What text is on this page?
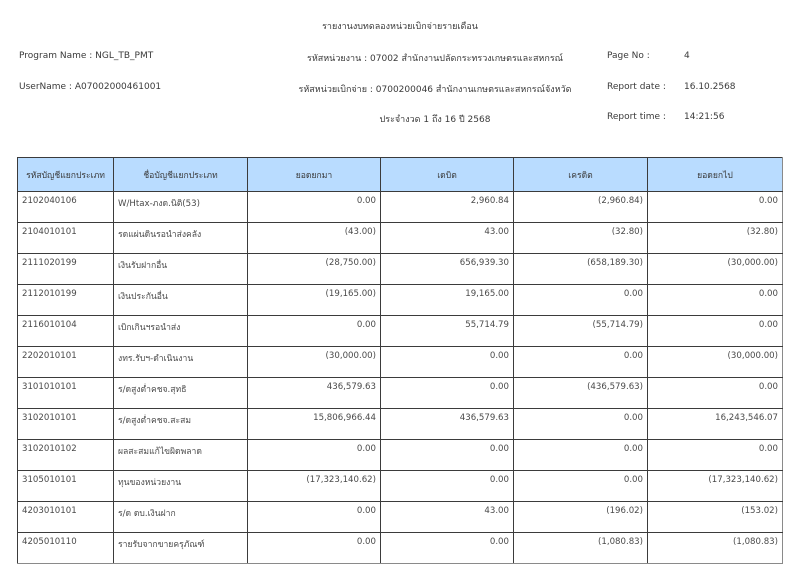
รายงานงบทดลองหน่วยเบิกจ่ายรายเดือน
Program Name : NGL_TB_PMT	รหัสหน่วยงาน : 07002 สำนักงานปลัดกระทรวงเกษตรและสหกรณ์	Page No :	4
UserName : A07002000461001	รหัสหน่วยเบิกจ่าย : 0700200046 สำนักงานเกษตรและสหกรณ์จังหวัด	Report date : 16.10.2568
ประจำงวด 1 ถึง 16 ปี 2568	Report time : 14:21:56
รหัสบัญชีแยกประเภท	ชื่อบัญชีแยกประเภท	ยอดยกมา	เดบิต	เครดิต	ยอดยกไป
2102040106	W/Htax-ภงด.นิติ(53)	0.00	2,960.84	(2,960.84)	0.00
2104010101	รดแผ่นดินรอนำส่งคลัง	(43.00)	43.00	(32.80)	(32.80)
2111020199	เงินรับฝากอื่น	(28,750.00)	656,939.30	(658,189.30)	(30,000.00)
2112010199	เงินประกันอื่น	(19,165.00)	19,165.00	0.00	0.00
2116010104	เบิกเกินฯรอนำส่ง	0.00	55,714.79	(55,714.79)	0.00
2202010101	งทร.รับฯ-ดำเนินงาน	(30,000.00)	0.00	0.00	(30,000.00)
3101010101	ร/ดสูงต่ำคชจ.สุทธิ	436,579.63	0.00	(436,579.63)	0.00
3102010101	ร/ดสูงต่ำคชจ.สะสม	15,806,966.44	436,579.63	0.00	16,243,546.07
3102010102	ผลสะสมแก้ไขผิดพลาด	0.00	0.00	0.00	0.00
3105010101	ทุนของหน่วยงาน	(17,323,140.62)	0.00	0.00	(17,323,140.62)
4203010101	ร/ด ดบ.เงินฝาก	0.00	43.00	(196.02)	(153.02)
4205010110	รายรับจากขายครุภัณฑ์	0.00	0.00	(1,080.83)	(1,080.83)
